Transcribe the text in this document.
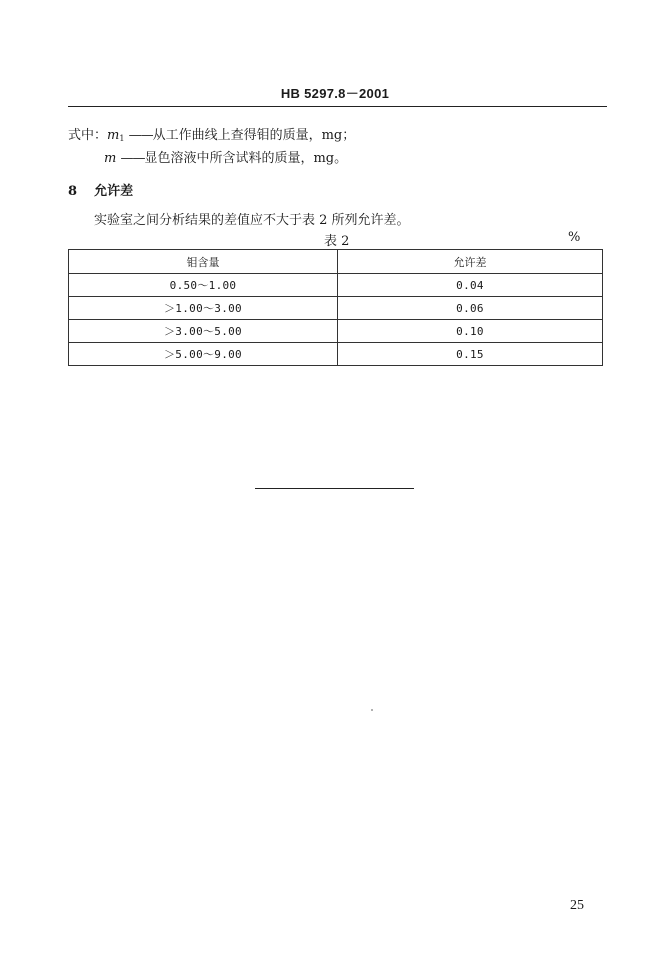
HB 5297.8－2001
式中：$m_1$ ——从工作曲线上查得钼的质量，mg；
m ——显色溶液中所含试料的质量，mg。
8 允许差
实验室之间分析结果的差值应不大于表 2 所列允许差。
表 2	%
钼含量	允许差
0.50～1.00	0.04
＞1.00～3.00	0.06
＞3.00～5.00	0.10
＞5.00～9.00	0.15
25
